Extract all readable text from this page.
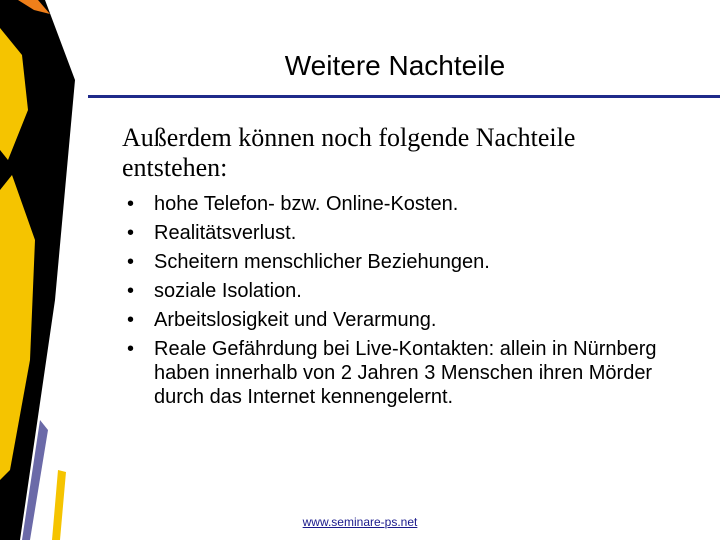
Weitere Nachteile
Außerdem können noch folgende Nachteile entstehen:
• hohe Telefon- bzw. Online-Kosten.
• Realitätsverlust.
• Scheitern menschlicher Beziehungen.
• soziale Isolation.
• Arbeitslosigkeit und Verarmung.
• Reale Gefährdung bei Live-Kontakten: allein in Nürnberg haben innerhalb von 2 Jahren 3 Menschen ihren Mörder durch das Internet kennengelernt.
www.seminare-ps.net
